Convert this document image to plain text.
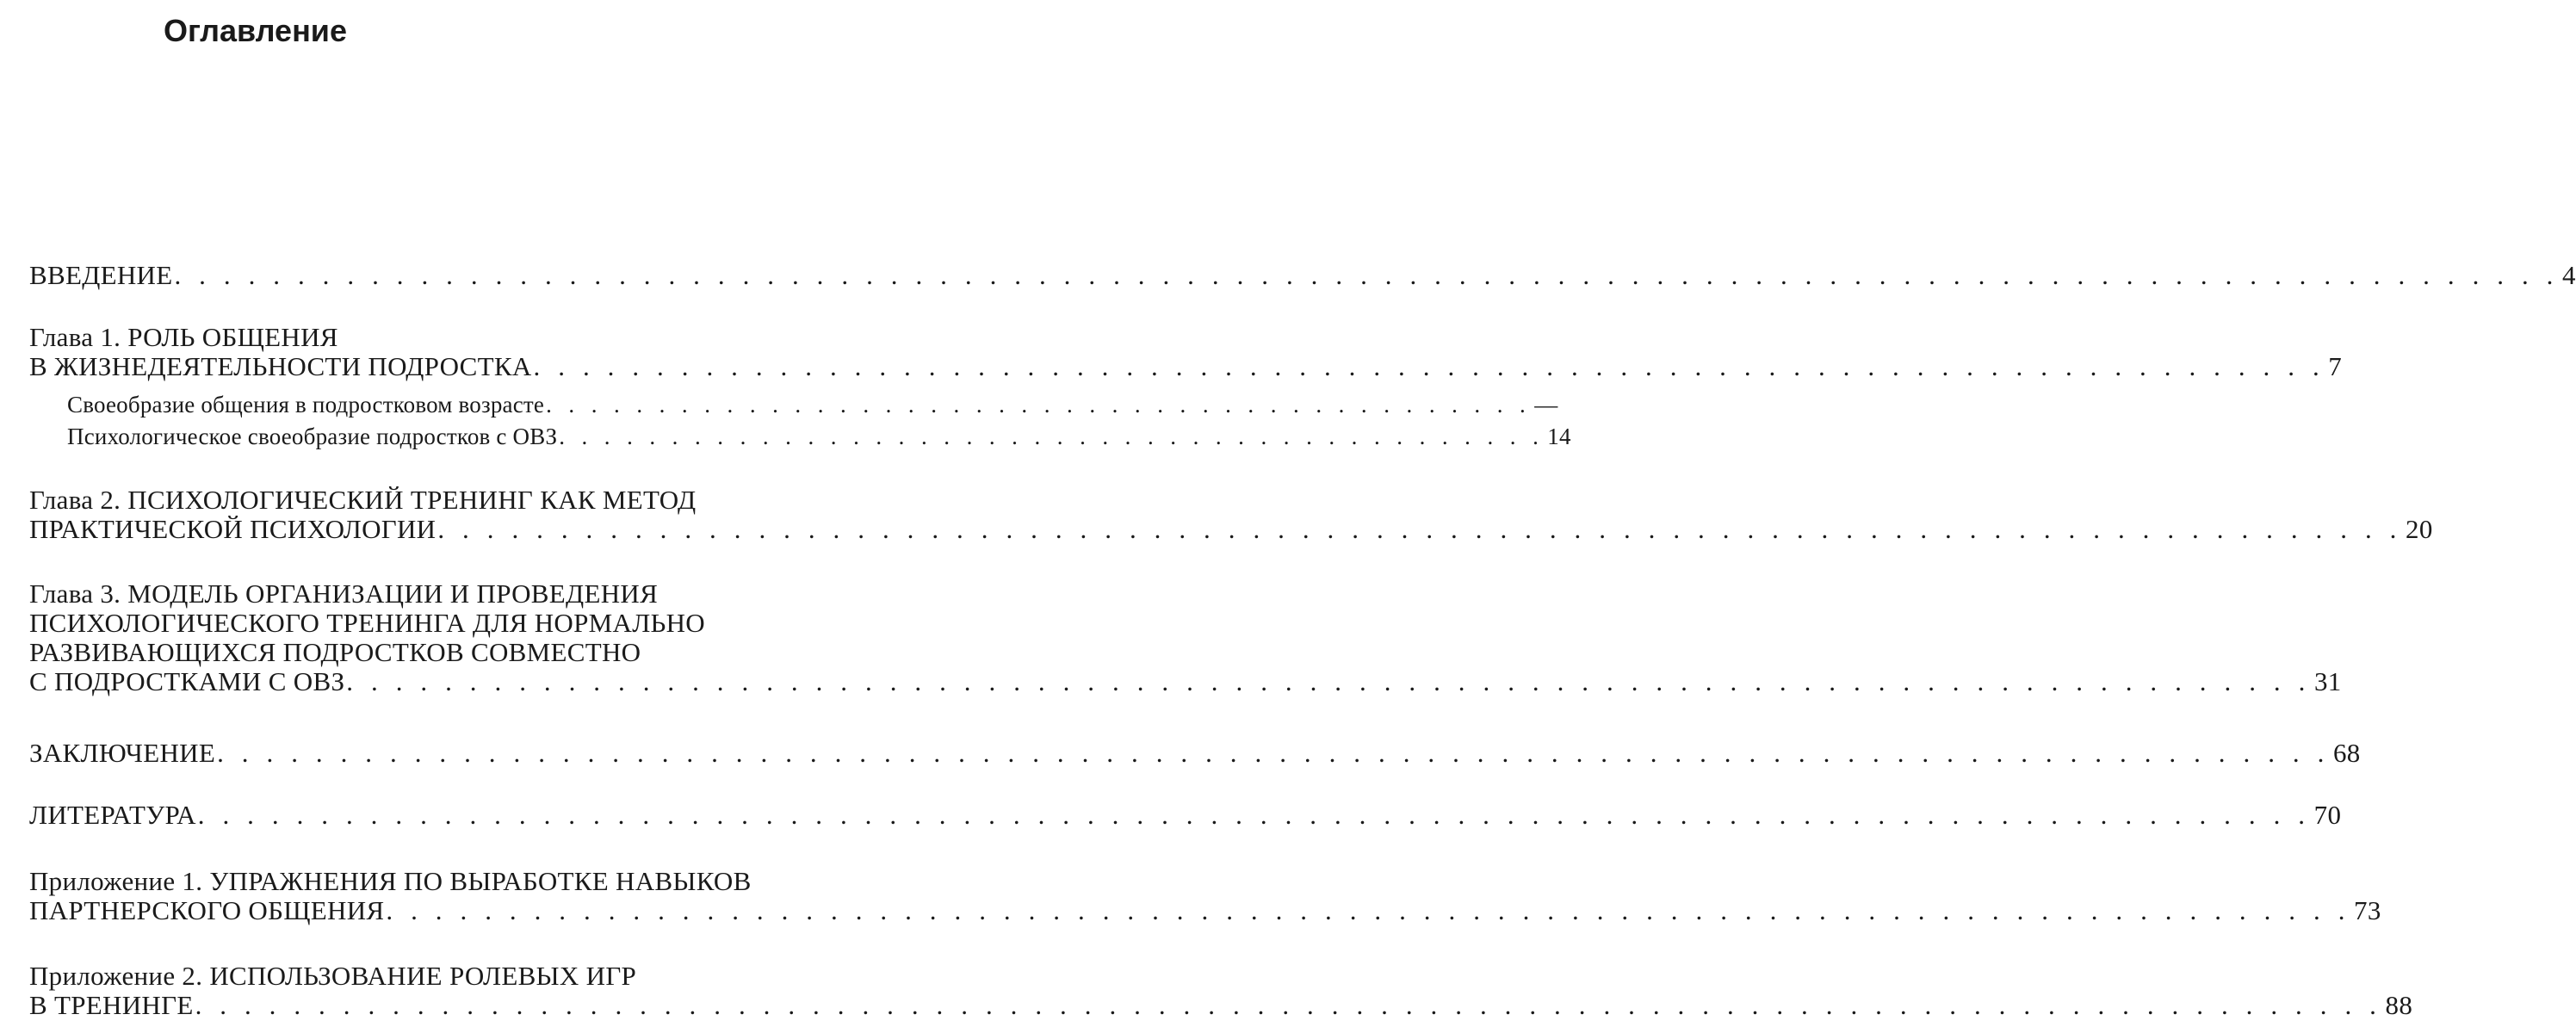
Оглавление
ВВЕДЕНИЕ . . . . . . . . . . . . . . . . . . . . . . . . . . . . . . . . . . . . . . . . . . . . . . . . . . . . . . . . . . . . . . . . . . . . . . . . . . . . . . . . . . . . . . . . . . . . . . . . . 4
Глава 1. РОЛЬ ОБЩЕНИЯ
В ЖИЗНЕДЕЯТЕЛЬНОСТИ ПОДРОСТКА . . . . . . . . . . . . . . . . . . . . . . . . . . . . . . . . . . . . . . . . . . . . . . . . . . . . . . . . . . . . . . . . . . . . . . . . . 7
Своеобразие общения в подростковом возрасте . . . . . . . . . . . . . . . . . . . . . . . . . . . . . . . . . . . . . . . . . . . . —
Психологическое своеобразие подростков с ОВЗ . . . . . . . . . . . . . . . . . . . . . . . . . . . . . . . . . . . . . . . . . . . . 14
Глава 2. ПСИХОЛОГИЧЕСКИЙ ТРЕНИНГ КАК МЕТОД
ПРАКТИЧЕСКОЙ ПСИХОЛОГИИ . . . . . . . . . . . . . . . . . . . . . . . . . . . . . . . . . . . . . . . . . . . . . . . . . . . . . . . . . . . . . . . . . . . . . . . . . . . . . . . . 20
Глава 3. МОДЕЛЬ ОРГАНИЗАЦИИ И ПРОВЕДЕНИЯ
ПСИХОЛОГИЧЕСКОГО ТРЕНИНГА ДЛЯ НОРМАЛЬНО
РАЗВИВАЮЩИХСЯ ПОДРОСТКОВ СОВМЕСТНО
С ПОДРОСТКАМИ С ОВЗ . . . . . . . . . . . . . . . . . . . . . . . . . . . . . . . . . . . . . . . . . . . . . . . . . . . . . . . . . . . . . . . . . . . . . . . . . . . . . . . . 31
ЗАКЛЮЧЕНИЕ . . . . . . . . . . . . . . . . . . . . . . . . . . . . . . . . . . . . . . . . . . . . . . . . . . . . . . . . . . . . . . . . . . . . . . . . . . . . . . . . . . . . . . 68
ЛИТЕРАТУРА . . . . . . . . . . . . . . . . . . . . . . . . . . . . . . . . . . . . . . . . . . . . . . . . . . . . . . . . . . . . . . . . . . . . . . . . . . . . . . . . . . . . . . 70
Приложение 1. УПРАЖНЕНИЯ ПО ВЫРАБОТКЕ НАВЫКОВ
ПАРТНЕРСКОГО ОБЩЕНИЯ . . . . . . . . . . . . . . . . . . . . . . . . . . . . . . . . . . . . . . . . . . . . . . . . . . . . . . . . . . . . . . . . . . . . . . . . . . . . . . . . 73
Приложение 2. ИСПОЛЬЗОВАНИЕ РОЛЕВЫХ ИГР
В ТРЕНИНГЕ . . . . . . . . . . . . . . . . . . . . . . . . . . . . . . . . . . . . . . . . . . . . . . . . . . . . . . . . . . . . . . . . . . . . . . . . . . . . . . . . . . . . . . . . . 88
